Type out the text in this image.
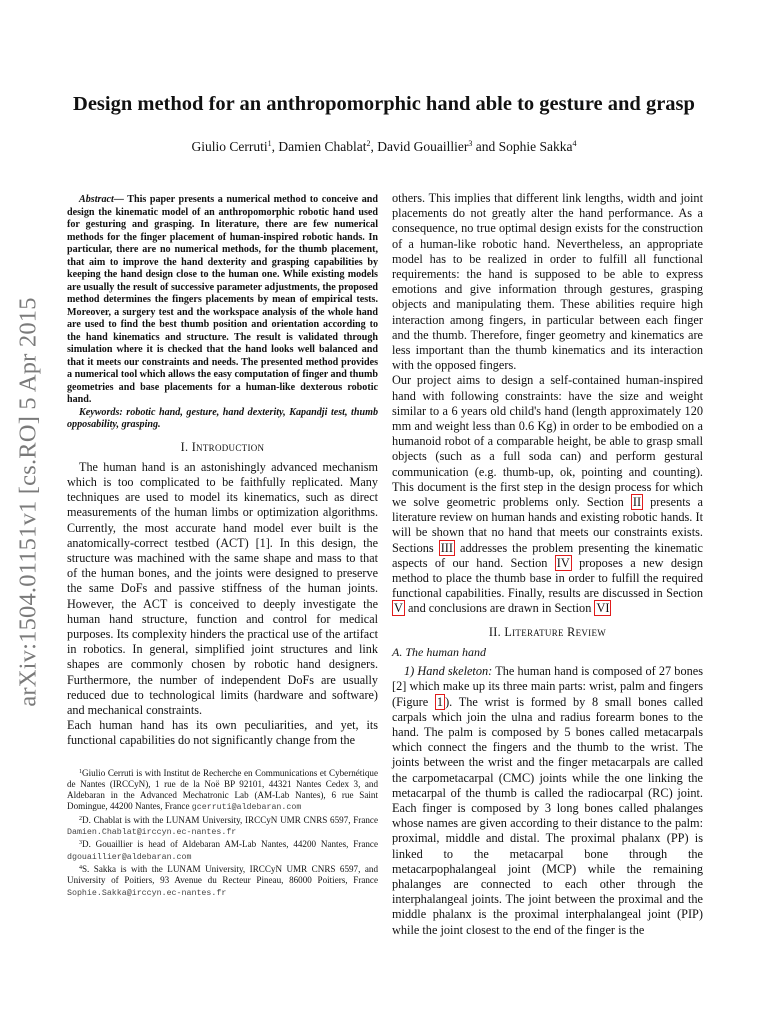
arXiv:1504.01151v1 [cs.RO] 5 Apr 2015
Design method for an anthropomorphic hand able to gesture and grasp
Giulio Cerruti$^1$, Damien Chablat$^2$, David Gouaillier$^3$ and Sophie Sakka$^4$

Abstract— This paper presents a numerical method to conceive and design the kinematic model of an anthropomorphic robotic hand used for gesturing and grasping. In literature, there are few numerical methods for the finger placement of human-inspired robotic hands. In particular, there are no numerical methods, for the thumb placement, that aim to improve the hand dexterity and grasping capabilities by keeping the hand design close to the human one. While existing models are usually the result of successive parameter adjustments, the proposed method determines the fingers placements by mean of empirical tests. Moreover, a surgery test and the workspace analysis of the whole hand are used to find the best thumb position and orientation according to the hand kinematics and structure. The result is validated through simulation where it is checked that the hand looks well balanced and that it meets our constraints and needs. The presented method provides a numerical tool which allows the easy computation of finger and thumb geometries and base placements for a human-like dexterous robotic hand.

Keywords: robotic hand, gesture, hand dexterity, Kapandji test, thumb opposability, grasping.

I. Introduction

The human hand is an astonishingly advanced mechanism which is too complicated to be faithfully replicated. Many techniques are used to model its kinematics, such as direct measurements of the human limbs or optimization algorithms. Currently, the most accurate hand model ever built is the anatomically-correct testbed (ACT) [1]. In this design, the structure was machined with the same shape and mass to that of the human bones, and the joints were designed to preserve the same DoFs and passive stiffness of the human joints. However, the ACT is conceived to deeply investigate the human hand structure, function and control for medical purposes. Its complexity hinders the practical use of the artifact in robotics. In general, simplified joint structures and link shapes are commonly chosen by robotic hand designers. Furthermore, the number of independent DoFs are usually reduced due to technological limits (hardware and software) and mechanical constraints.

Each human hand has its own peculiarities, and yet, its functional capabilities do not significantly change from the

$^1$Giulio Cerruti is with Institut de Recherche en Communications et Cybernétique de Nantes (IRCCyN), 1 rue de la Noë BP 92101, 44321 Nantes Cedex 3, and Aldebaran in the Advanced Mechatronic Lab (AM-Lab Nantes), 6 rue Saint Domingue, 44200 Nantes, France gcerruti@aldebaran.com

$^2$D. Chablat is with the LUNAM University, IRCCyN UMR CNRS 6597, France Damien.Chablat@irccyn.ec-nantes.fr

$^3$D. Gouaillier is head of Aldebaran AM-Lab Nantes, 44200 Nantes, France dgouaillier@aldebaran.com

$^4$S. Sakka is with the LUNAM University, IRCCyN UMR CNRS 6597, and University of Poitiers, 93 Avenue du Recteur Pineau, 86000 Poitiers, France Sophie.Sakka@irccyn.ec-nantes.fr

others. This implies that different link lengths, width and joint placements do not greatly alter the hand performance. As a consequence, no true optimal design exists for the construction of a human-like robotic hand. Nevertheless, an appropriate model has to be realized in order to fulfill all functional requirements: the hand is supposed to be able to express emotions and give information through gestures, grasping objects and manipulating them. These abilities require high interaction among fingers, in particular between each finger and the thumb. Therefore, finger geometry and kinematics are less important than the thumb kinematics and its interaction with the opposed fingers.

Our project aims to design a self-contained human-inspired hand with following constraints: have the size and weight similar to a 6 years old child's hand (length approximately 120 mm and weight less than 0.6 Kg) in order to be embodied on a humanoid robot of a comparable height, be able to grasp small objects (such as a full soda can) and perform gestural communication (e.g. thumb-up, ok, pointing and counting). This document is the first step in the design process for which we solve geometric problems only. Section II presents a literature review on human hands and existing robotic hands. It will be shown that no hand that meets our constraints exists. Sections III addresses the problem presenting the kinematic aspects of our hand. Section IV proposes a new design method to place the thumb base in order to fulfill the required functional capabilities. Finally, results are discussed in Section V and conclusions are drawn in Section VI

II. Literature Review
A. The human hand

1) Hand skeleton: The human hand is composed of 27 bones [2] which make up its three main parts: wrist, palm and fingers (Figure 1 ). The wrist is formed by 8 small bones called carpals which join the ulna and radius forearm bones to the hand. The palm is composed by 5 bones called metacarpals which connect the fingers and the thumb to the wrist. The joints between the wrist and the finger metacarpals are called the carpometacarpal (CMC) joints while the one linking the metacarpal of the thumb is called the radiocarpal (RC) joint. Each finger is composed by 3 long bones called phalanges whose names are given according to their distance to the palm: proximal, middle and distal. The proximal phalanx (PP) is linked to the metacarpal bone through the metacarpophalangeal joint (MCP) while the remaining phalanges are connected to each other through the interphalangeal joints. The joint between the proximal and the middle phalanx is the proximal interphalangeal joint (PIP) while the joint closest to the end of the finger is the
